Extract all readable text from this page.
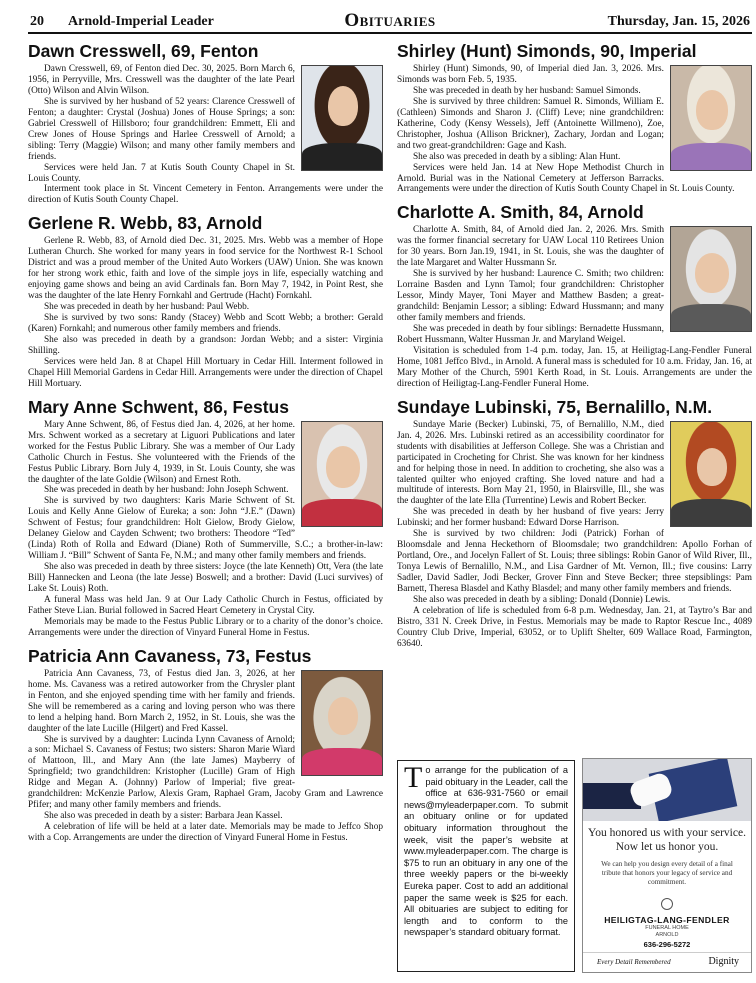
20 Arnold-Imperial Leader	Obituaries	Thursday, Jan. 15, 2026
Dawn Cresswell, 69, Fenton

Dawn Cresswell, 69, of Fenton died Dec. 30, 2025. Born March 6, 1956, in Perryville, Mrs. Cresswell was the daughter of the late Pearl (Otto) Wilson and Alvin Wilson.

She is survived by her husband of 52 years: Clarence Cresswell of Fenton; a daughter: Crystal (Joshua) Jones of House Springs; a son: Gabriel Cresswell of Hillsboro; four grandchildren: Emmett, Eli and Crew Jones of House Springs and Harlee Cresswell of Arnold; a sibling: Terry (Maggie) Wilson; and many other family members and friends.

Services were held Jan. 7 at Kutis South County Chapel in St. Louis County.

Interment took place in St. Vincent Cemetery in Fenton. Arrangements were under the direction of Kutis South County Chapel.

Gerlene R. Webb, 83, Arnold

Gerlene R. Webb, 83, of Arnold died Dec. 31, 2025. Mrs. Webb was a member of Hope Lutheran Church. She worked for many years in food service for the Northwest R-1 School District and was a proud member of the United Auto Workers (UAW) Union. She was known for her strong work ethic, faith and love of the simple joys in life, especially watching and enjoying game shows and being an avid Cardinals fan. Born May 7, 1942, in Point Rest, she was the daughter of the late Henry Fornkahl and Gertrude (Hacht) Fornkahl.

She was preceded in death by her husband: Paul Webb.

She is survived by two sons: Randy (Stacey) Webb and Scott Webb; a brother: Gerald (Karen) Fornkahl; and numerous other family members and friends.

She also was preceded in death by a grandson: Jordan Webb; and a sister: Virginia Shilling.

Services were held Jan. 8 at Chapel Hill Mortuary in Cedar Hill. Interment followed in Chapel Hill Memorial Gardens in Cedar Hill. Arrangements were under the direction of Chapel Hill Mortuary.

Mary Anne Schwent, 86, Festus

Mary Anne Schwent, 86, of Festus died Jan. 4, 2026, at her home. Mrs. Schwent worked as a secretary at Liguori Publications and later worked for the Festus Public Library. She was a member of Our Lady Catholic Church in Festus. She volunteered with the Friends of the Festus Public Library. Born July 4, 1939, in St. Louis County, she was the daughter of the late Goldie (Wilson) and Ernest Roth.

She was preceded in death by her husband: John Joseph Schwent.

She is survived by two daughters: Karis Marie Schwent of St. Louis and Kelly Anne Gielow of Eureka; a son: John “J.E.” (Dawn) Schwent of Festus; four grandchildren: Holt Gielow, Brody Gielow, Delaney Gielow and Cayden Schwent; two brothers: Theodore “Ted” (Linda) Roth of Rolla and Edward (Diane) Roth of Summerville, S.C.; a brother-in-law: William J. “Bill” Schwent of Santa Fe, N.M.; and many other family members and friends.

She also was preceded in death by three sisters: Joyce (the late Kenneth) Ott, Vera (the late Bill) Hannecken and Leona (the late Jesse) Boswell; and a brother: David (Luci survives) of Lake St. Louis) Roth.

A funeral Mass was held Jan. 9 at Our Lady Catholic Church in Festus, officiated by Father Steve Lian. Burial followed in Sacred Heart Cemetery in Crystal City.

Memorials may be made to the Festus Public Library or to a charity of the donor’s choice. Arrangements were under the direction of Vinyard Funeral Home in Festus.

Patricia Ann Cavaness, 73, Festus

Patricia Ann Cavaness, 73, of Festus died Jan. 3, 2026, at her home. Ms. Cavaness was a retired autoworker from the Chrysler plant in Fenton, and she enjoyed spending time with her family and friends. She will be remembered as a caring and loving person who was there to lend a helping hand. Born March 2, 1952, in St. Louis, she was the daughter of the late Lucille (Hilgert) and Fred Kassel.

She is survived by a daughter: Lucinda Lynn Cavaness of Arnold; a son: Michael S. Cavaness of Festus; two sisters: Sharon Marie Wiard of Mattoon, Ill., and Mary Ann (the late James) Mayberry of Springfield; two grandchildren: Kristopher (Lucille) Gram of High Ridge and Megan A. (Johnny) Parlow of Imperial; five great-grandchildren: McKenzie Parlow, Alexis Gram, Raphael Gram, Jacoby Gram and Lawrence Pfifer; and many other family members and friends.

She also was preceded in death by a sister: Barbara Jean Kassel.

A celebration of life will be held at a later date. Memorials may be made to Jeffco Shop with a Cop. Arrangements are under the direction of Vinyard Funeral Home in Festus.

Shirley (Hunt) Simonds, 90, Imperial

Shirley (Hunt) Simonds, 90, of Imperial died Jan. 3, 2026. Mrs. Simonds was born Feb. 5, 1935.

She was preceded in death by her husband: Samuel Simonds.

She is survived by three children: Samuel R. Simonds, William E. (Cathleen) Simonds and Sharon J. (Cliff) Leve; nine grandchildren: Katherine, Cody (Kensy Wessels), Jeff (Antoinette Willmeno), Zoe, Christopher, Joshua (Allison Brickner), Zachary, Jordan and Logan; and two great-grandchildren: Gage and Kash.

She also was preceded in death by a sibling: Alan Hunt.

Services were held Jan. 14 at New Hope Methodist Church in Arnold. Burial was in the National Cemetery at Jefferson Barracks. Arrangements were under the direction of Kutis South County Chapel in St. Louis County.

Charlotte A. Smith, 84, Arnold

Charlotte A. Smith, 84, of Arnold died Jan. 2, 2026. Mrs. Smith was the former financial secretary for UAW Local 110 Retirees Union for 30 years. Born Jan.19, 1941, in St. Louis, she was the daughter of the late Margaret and Walter Hussmann Sr.

She is survived by her husband: Laurence C. Smith; two children: Lorraine Basden and Lynn Tamol; four grandchildren: Christopher Lessor, Mindy Mayer, Toni Mayer and Matthew Basden; a great-grandchild: Benjamin Lessor; a sibling: Edward Hussmann; and many other family members and friends.

She was preceded in death by four siblings: Bernadette Hussmann, Robert Hussmann, Walter Hussman Jr. and Maryland Weigel.

Visitation is scheduled from 1-4 p.m. today, Jan. 15, at Heiligtag-Lang-Fendler Funeral Home, 1081 Jeffco Blvd., in Arnold. A funeral mass is scheduled for 10 a.m. Friday, Jan. 16, at Mary Mother of the Church, 5901 Kerth Road, in St. Louis. Arrangements are under the direction of Heiligtag-Lang-Fendler Funeral Home.

Sundaye Lubinski, 75, Bernalillo, N.M.

Sundaye Marie (Becker) Lubinski, 75, of Bernalillo, N.M., died Jan. 4, 2026. Mrs. Lubinski retired as an accessibility coordinator for students with disabilities at Jefferson College. She was a Christian and participated in Crocheting for Christ. She was known for her kindness and for helping those in need. In addition to crocheting, she also was a talented quilter who enjoyed crafting. She loved nature and had a multitude of interests. Born May 21, 1950, in Blairsville, Ill., she was the daughter of the late Ella (Turrentine) Lewis and Robert Becker.

She was preceded in death by her husband of five years: Jerry Lubinski; and her former husband: Edward Dorse Harrison.

She is survived by two children: Jodi (Patrick) Forhan of Bloomsdale and Jenna Heckethorn of Bloomsdale; two grandchildren: Apollo Forhan of Portland, Ore., and Jocelyn Fallert of St. Louis; three siblings: Robin Ganor of Wild River, Ill., Tonya Lewis of Bernalillo, N.M., and Lisa Gardner of Mt. Vernon, Ill.; five cousins: Larry Sadler, David Sadler, Jodi Becker, Grover Finn and Steve Becker; three stepsiblings: Pam Barnett, Theresa Blasdel and Kathy Blasdel; and many other family members and friends.

She also was preceded in death by a sibling: Donald (Donnie) Lewis.

A celebration of life is scheduled from 6-8 p.m. Wednesday, Jan. 21, at Taytro’s Bar and Bistro, 331 N. Creek Drive, in Festus. Memorials may be made to Raptor Rescue Inc., 4089 Country Club Drive, Imperial, 63052, or to Uplift Shelter, 609 Wallace Road, Farmington, 63640.

T o arrange for the publication of a paid obituary in the Leader, call the office at 636-931-7560 or email news@myleaderpaper.com. To submit an obituary online or for updated obituary information throughout the week, visit the paper’s website at www.myleaderpaper.com. The charge is $75 to run an obituary in any one of the three weekly papers or the bi-weekly Eureka paper. Cost to add an additional paper the same week is $25 for each. All obituaries are subject to editing for length and to conform to the newspaper’s standard obituary format.
You honored us with your service. Now let us honor you.
We can help you design every detail of a final tribute that honors your legacy of service and commitment.
HEILIGTAG-LANG-FENDLER
FUNERAL HOME
ARNOLD
636-296-5272
Every Detail Remembered	Dignity
